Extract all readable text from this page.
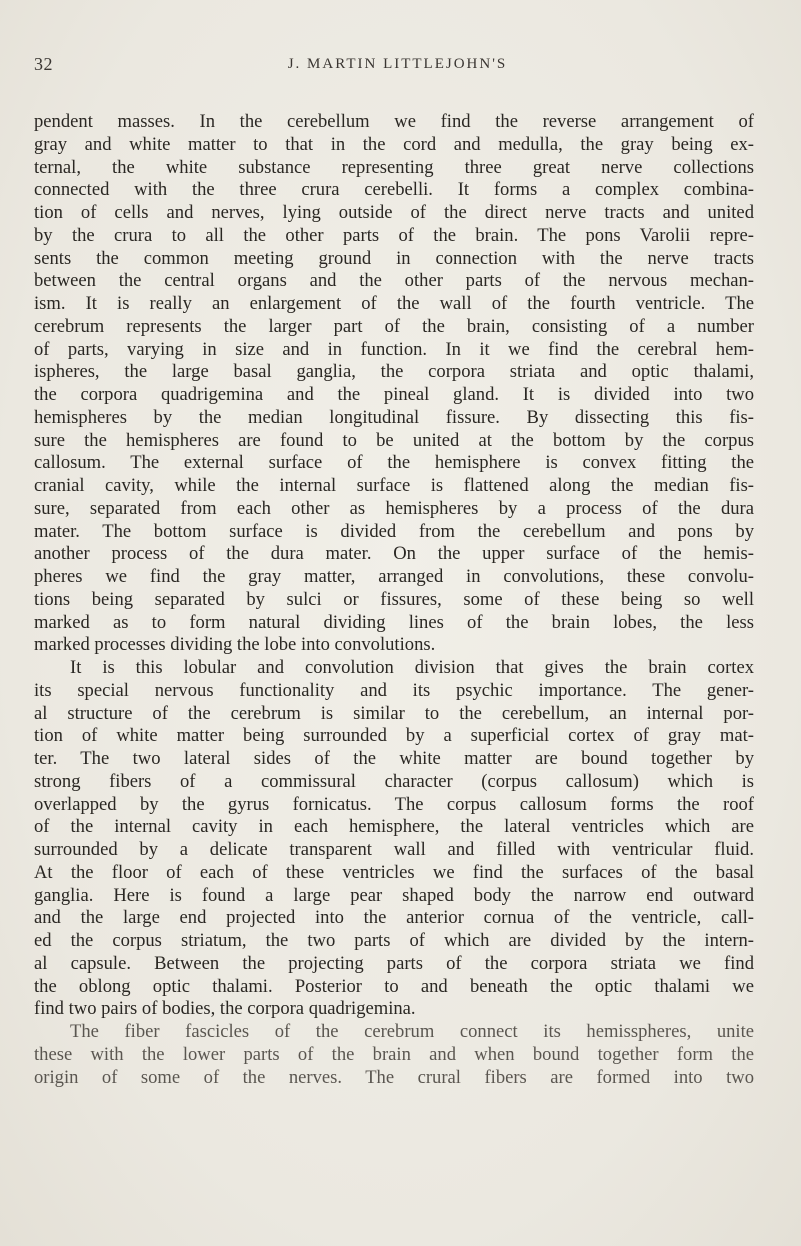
32	J. MARTIN LITTLEJOHN'S
pendent masses. In the cerebellum we find the reverse arrangement of
gray and white matter to that in the cord and medulla, the gray being ex-
ternal, the white substance representing three great nerve collections
connected with the three crura cerebelli. It forms a complex combina-
tion of cells and nerves, lying outside of the direct nerve tracts and united
by the crura to all the other parts of the brain. The pons Varolii repre-
sents the common meeting ground in connection with the nerve tracts
between the central organs and the other parts of the nervous mechan-
ism. It is really an enlargement of the wall of the fourth ventricle. The
cerebrum represents the larger part of the brain, consisting of a number
of parts, varying in size and in function. In it we find the cerebral hem-
ispheres, the large basal ganglia, the corpora striata and optic thalami,
the corpora quadrigemina and the pineal gland. It is divided into two
hemispheres by the median longitudinal fissure. By dissecting this fis-
sure the hemispheres are found to be united at the bottom by the corpus
callosum. The external surface of the hemisphere is convex fitting the
cranial cavity, while the internal surface is flattened along the median fis-
sure, separated from each other as hemispheres by a process of the dura
mater. The bottom surface is divided from the cerebellum and pons by
another process of the dura mater. On the upper surface of the hemis-
pheres we find the gray matter, arranged in convolutions, these convolu-
tions being separated by sulci or fissures, some of these being so well
marked as to form natural dividing lines of the brain lobes, the less
marked processes dividing the lobe into convolutions.
It is this lobular and convolution division that gives the brain cortex
its special nervous functionality and its psychic importance. The gener-
al structure of the cerebrum is similar to the cerebellum, an internal por-
tion of white matter being surrounded by a superficial cortex of gray mat-
ter. The two lateral sides of the white matter are bound together by
strong fibers of a commissural character (corpus callosum) which is
overlapped by the gyrus fornicatus. The corpus callosum forms the roof
of the internal cavity in each hemisphere, the lateral ventricles which are
surrounded by a delicate transparent wall and filled with ventricular fluid.
At the floor of each of these ventricles we find the surfaces of the basal
ganglia. Here is found a large pear shaped body the narrow end outward
and the large end projected into the anterior cornua of the ventricle, call-
ed the corpus striatum, the two parts of which are divided by the intern-
al capsule. Between the projecting parts of the corpora striata we find
the oblong optic thalami. Posterior to and beneath the optic thalami we
find two pairs of bodies, the corpora quadrigemina.
The fiber fascicles of the cerebrum connect its hemisspheres, unite
these with the lower parts of the brain and when bound together form the
origin of some of the nerves. The crural fibers are formed into two
